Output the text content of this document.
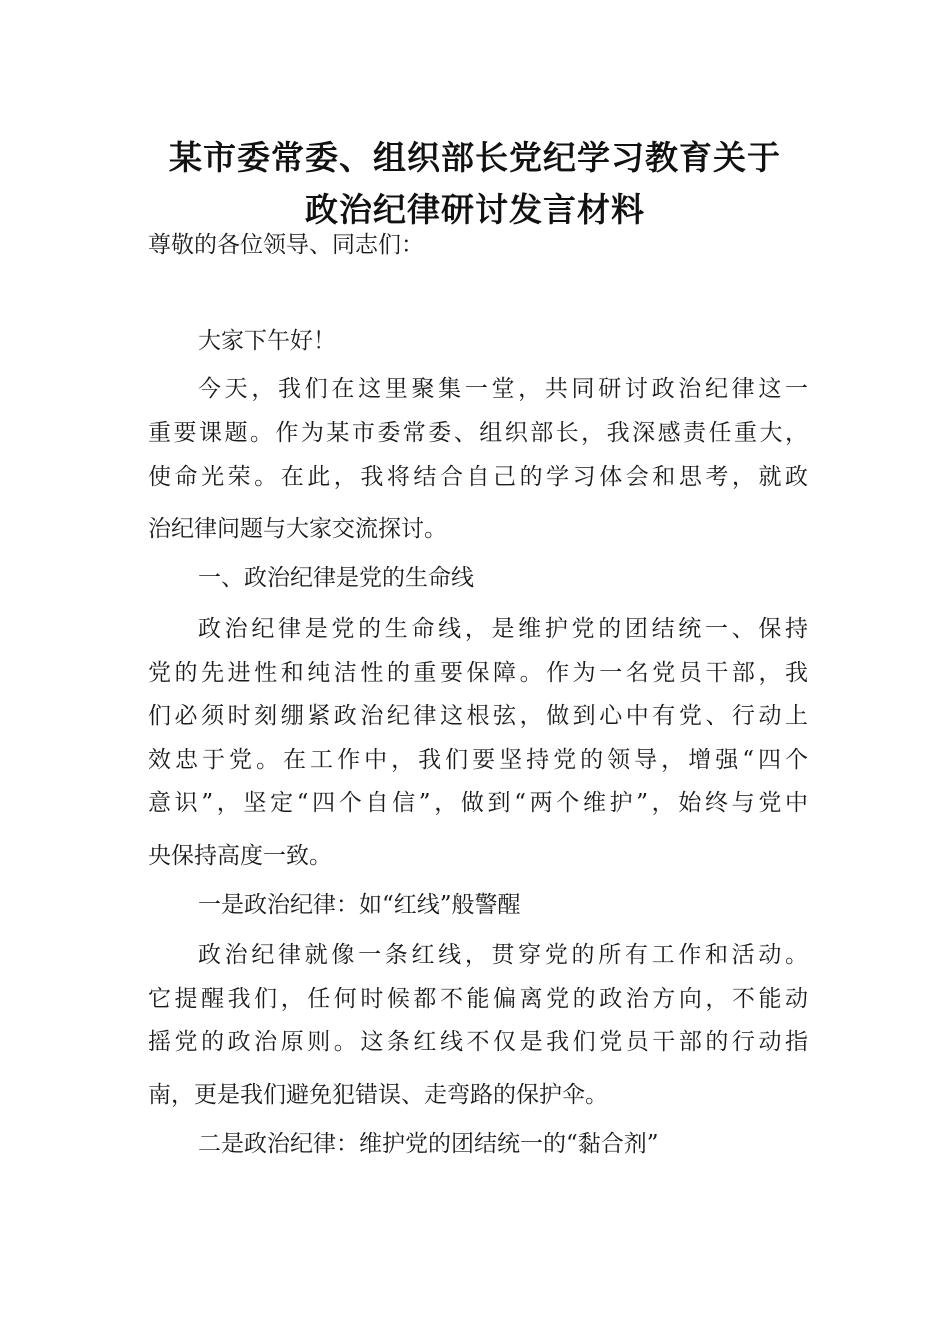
某市委常委、组织部长党纪学习教育关于
政治纪律研讨发言材料
尊敬的各位领导、同志们：
大家下午好！
今天，我们在这里聚集一堂，共同研讨政治纪律这一
重要课题。作为某市委常委、组织部长，我深感责任重大，
使命光荣。在此，我将结合自己的学习体会和思考，就政
治纪律问题与大家交流探讨。
一、政治纪律是党的生命线
政治纪律是党的生命线，是维护党的团结统一、保持
党的先进性和纯洁性的重要保障。作为一名党员干部，我
们必须时刻绷紧政治纪律这根弦，做到心中有党、行动上
效忠于党。在工作中，我们要坚持党的领导，增强“四个
意识”，坚定“四个自信”，做到“两个维护”，始终与党中
央保持高度一致。
一是政治纪律：如“红线”般警醒
政治纪律就像一条红线，贯穿党的所有工作和活动。
它提醒我们，任何时候都不能偏离党的政治方向，不能动
摇党的政治原则。这条红线不仅是我们党员干部的行动指
南，更是我们避免犯错误、走弯路的保护伞。
二是政治纪律：维护党的团结统一的“黏合剂”
